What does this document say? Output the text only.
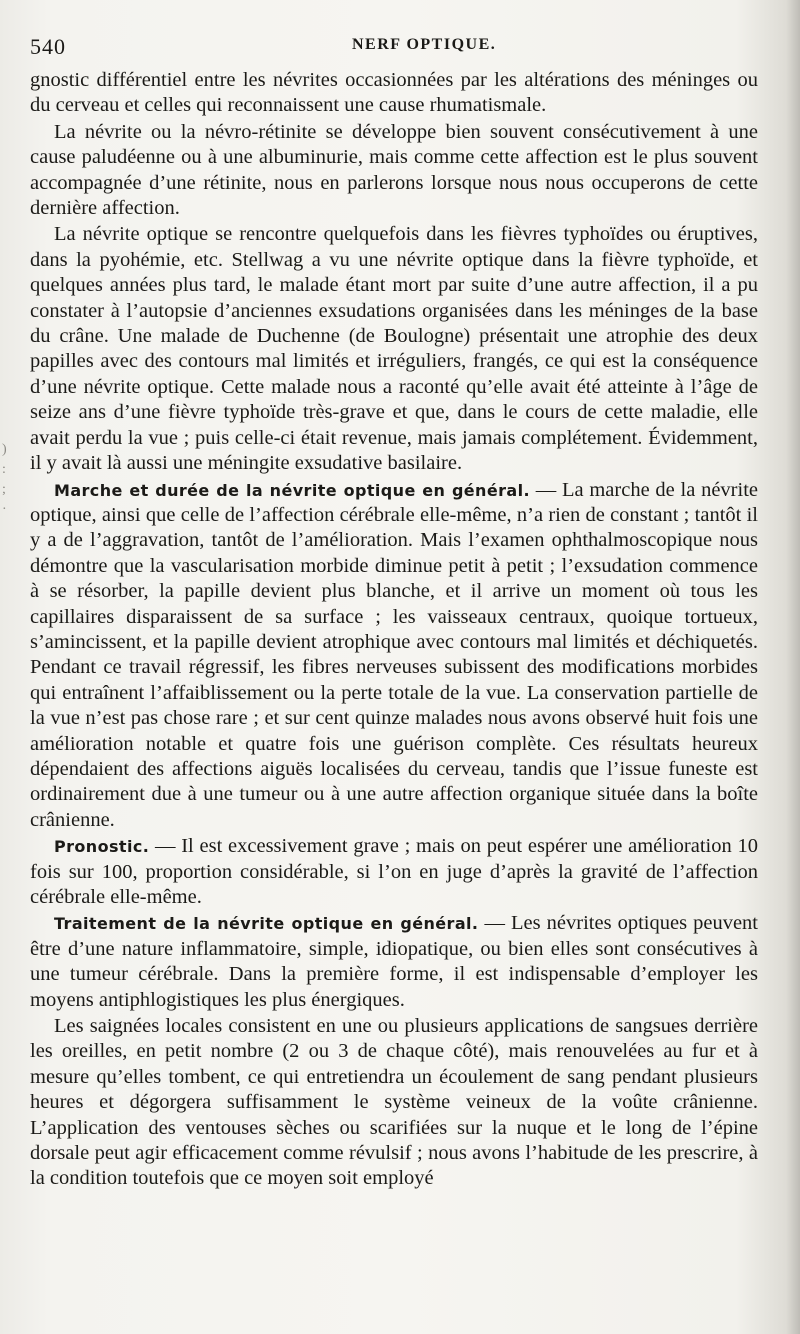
540	NERF OPTIQUE.
)
:
;
·

gnostic différentiel entre les névrites occasionnées par les altérations des méninges ou du cerveau et celles qui reconnaissent une cause rhumatismale.

La névrite ou la névro-rétinite se développe bien souvent consécutivement à une cause paludéenne ou à une albuminurie, mais comme cette affection est le plus souvent accompagnée d’une rétinite, nous en parlerons lorsque nous nous occuperons de cette dernière affection.

La névrite optique se rencontre quelquefois dans les fièvres typhoïdes ou éruptives, dans la pyohémie, etc. Stellwag a vu une névrite optique dans la fièvre typhoïde, et quelques années plus tard, le malade étant mort par suite d’une autre affection, il a pu constater à l’autopsie d’anciennes exsudations organisées dans les méninges de la base du crâne. Une malade de Duchenne (de Boulogne) présentait une atrophie des deux papilles avec des contours mal limités et irréguliers, frangés, ce qui est la conséquence d’une névrite optique. Cette malade nous a raconté qu’elle avait été atteinte à l’âge de seize ans d’une fièvre typhoïde très-grave et que, dans le cours de cette maladie, elle avait perdu la vue ; puis celle-ci était revenue, mais jamais complétement. Évidemment, il y avait là aussi une méningite exsudative basilaire.

Marche et durée de la névrite optique en général. — La marche de la névrite optique, ainsi que celle de l’affection cérébrale elle-même, n’a rien de constant ; tantôt il y a de l’aggravation, tantôt de l’amélioration. Mais l’examen ophthalmoscopique nous démontre que la vascularisation morbide diminue petit à petit ; l’exsudation commence à se résorber, la papille devient plus blanche, et il arrive un moment où tous les capillaires disparaissent de sa surface ; les vaisseaux centraux, quoique tortueux, s’amincissent, et la papille devient atrophique avec contours mal limités et déchiquetés. Pendant ce travail régressif, les fibres nerveuses subissent des modifications morbides qui entraînent l’affaiblissement ou la perte totale de la vue. La conservation partielle de la vue n’est pas chose rare ; et sur cent quinze malades nous avons observé huit fois une amélioration notable et quatre fois une guérison complète. Ces résultats heureux dépendaient des affections aiguës localisées du cerveau, tandis que l’issue funeste est ordinairement due à une tumeur ou à une autre affection organique située dans la boîte crânienne.

Pronostic. — Il est excessivement grave ; mais on peut espérer une amélioration 10 fois sur 100, proportion considérable, si l’on en juge d’après la gravité de l’affection cérébrale elle-même.

Traitement de la névrite optique en général. — Les névrites optiques peuvent être d’une nature inflammatoire, simple, idiopatique, ou bien elles sont consécutives à une tumeur cérébrale. Dans la première forme, il est indispensable d’employer les moyens antiphlogistiques les plus énergiques.

Les saignées locales consistent en une ou plusieurs applications de sangsues derrière les oreilles, en petit nombre (2 ou 3 de chaque côté), mais renouvelées au fur et à mesure qu’elles tombent, ce qui entretiendra un écoulement de sang pendant plusieurs heures et dégorgera suffisamment le système veineux de la voûte crânienne. L’application des ventouses sèches ou scarifiées sur la nuque et le long de l’épine dorsale peut agir efficacement comme révulsif ; nous avons l’habitude de les prescrire, à la condition toutefois que ce moyen soit employé
